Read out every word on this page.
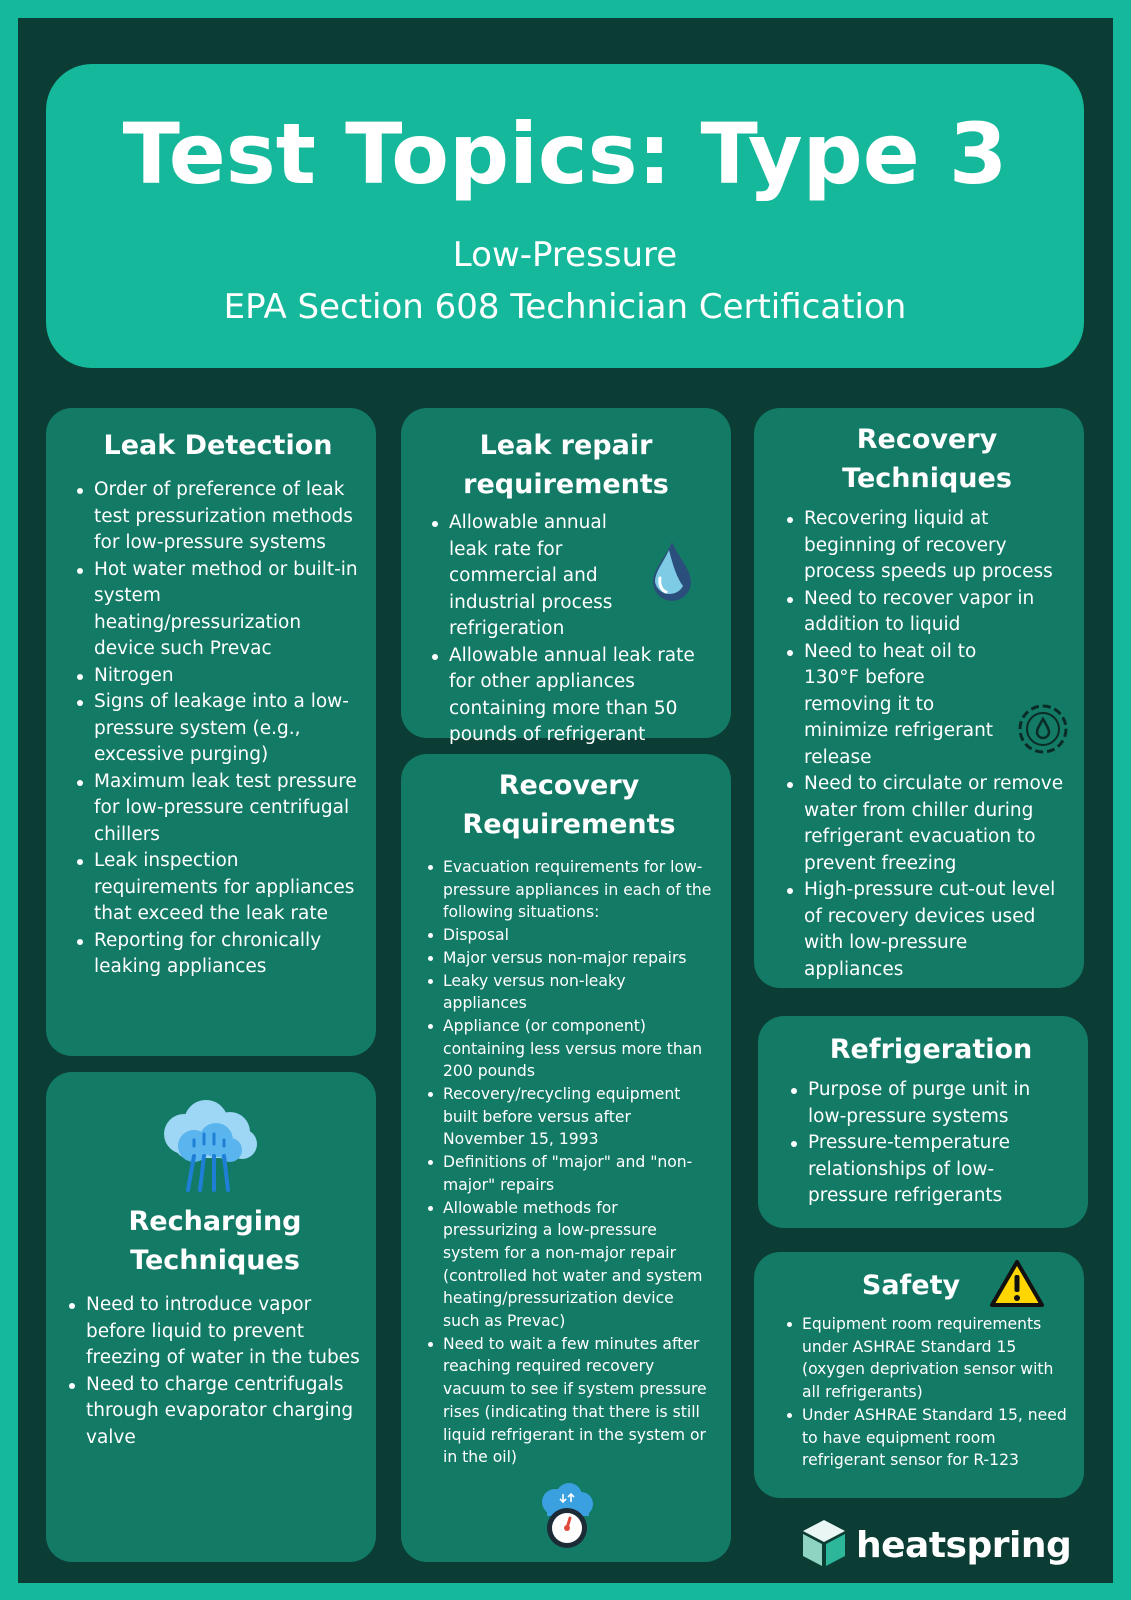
Test Topics: Type 3
Low-Pressure
EPA Section 608 Technician Certification
Leak Detection
Order of preference of leak test pressurization methods for low-pressure systems
Hot water method or built-in system heating/pressurization device such Prevac
Nitrogen
Signs of leakage into a low-pressure system (e.g., excessive purging)
Maximum leak test pressure for low-pressure centrifugal chillers
Leak inspection requirements for appliances that exceed the leak rate
Reporting for chronically leaking appliances
Leak repair
requirements
Allowable annual leak rate for commercial and industrial process refrigeration
Allowable annual leak rate for other appliances containing more than 50 pounds of refrigerant
Recovery
Techniques
Recovering liquid at beginning of recovery process speeds up process
Need to recover vapor in addition to liquid
Need to heat oil to 130°F before removing it to minimize refrigerant release
Need to circulate or remove water from chiller during refrigerant evacuation to prevent freezing
High-pressure cut-out level of recovery devices used with low-pressure appliances
Recovery
Requirements
Evacuation requirements for low-pressure appliances in each of the following situations:
Disposal
Major versus non-major repairs
Leaky versus non-leaky appliances
Appliance (or component) containing less versus more than 200 pounds
Recovery/recycling equipment built before versus after November 15, 1993
Definitions of "major" and "non-major" repairs
Allowable methods for pressurizing a low-pressure system for a non-major repair (controlled hot water and system heating/pressurization device such as Prevac)
Need to wait a few minutes after reaching required recovery vacuum to see if system pressure rises (indicating that there is still liquid refrigerant in the system or in the oil)
Recharging
Techniques
Need to introduce vapor before liquid to prevent freezing of water in the tubes
Need to charge centrifugals through evaporator charging valve
Refrigeration
Purpose of purge unit in low-pressure systems
Pressure-temperature relationships of low-pressure refrigerants
Safety
Equipment room requirements under ASHRAE Standard 15 (oxygen deprivation sensor with all refrigerants)
Under ASHRAE Standard 15, need to have equipment room refrigerant sensor for R-123
heatspring
